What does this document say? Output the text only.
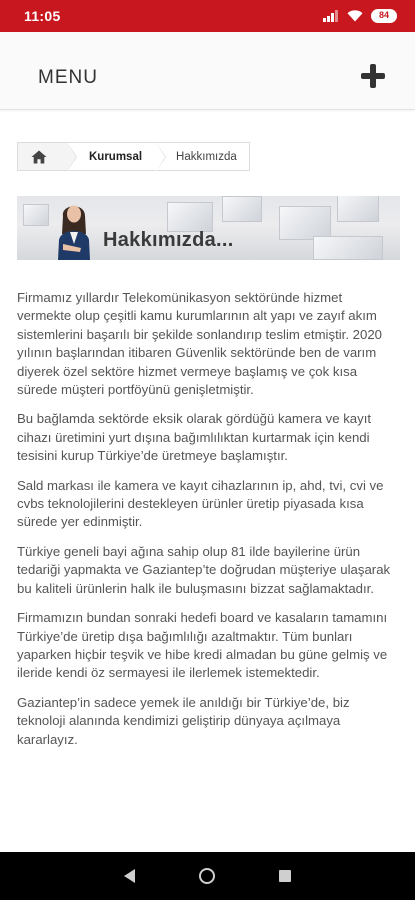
11:05	84
MENU
Kurumsal	Hakkımızda
Hakkımızda...

Firmamız yıllardır Telekomünikasyon sektöründe hizmet vermekte olup çeşitli kamu kurumlarının alt yapı ve zayıf akım sistemlerini başarılı bir şekilde sonlandırıp teslim etmiştir. 2020 yılının başlarından itibaren Güvenlik sektöründe ben de varım diyerek özel sektöre hizmet vermeye başlamış ve çok kısa sürede müşteri portföyünü genişletmiştir.

Bu bağlamda sektörde eksik olarak gördüğü kamera ve kayıt cihazı üretimini yurt dışına bağımlılıktan kurtarmak için kendi tesisini kurup Türkiye’de üretmeye başlamıştır.

Sald markası ile kamera ve kayıt cihazlarının ip, ahd, tvi, cvi ve cvbs teknolojilerini destekleyen ürünler üretip piyasada kısa sürede yer edinmiştir.

Türkiye geneli bayi ağına sahip olup 81 ilde bayilerine ürün tedariği yapmakta ve Gaziantep’te doğrudan müşteriye ulaşarak bu kaliteli ürünlerin halk ile buluşmasını bizzat sağlamaktadır.

Firmamızın bundan sonraki hedefi board ve kasaların tamamını Türkiye’de üretip dışa bağımlılığı azaltmaktır. Tüm bunları yaparken hiçbir teşvik ve hibe kredi almadan bu güne gelmiş ve ileride kendi öz sermayesi ile ilerlemek istemektedir.

Gaziantep’in sadece yemek ile anıldığı bir Türkiye’de, biz teknoloji alanında kendimizi geliştirip dünyaya açılmaya kararlayız.
